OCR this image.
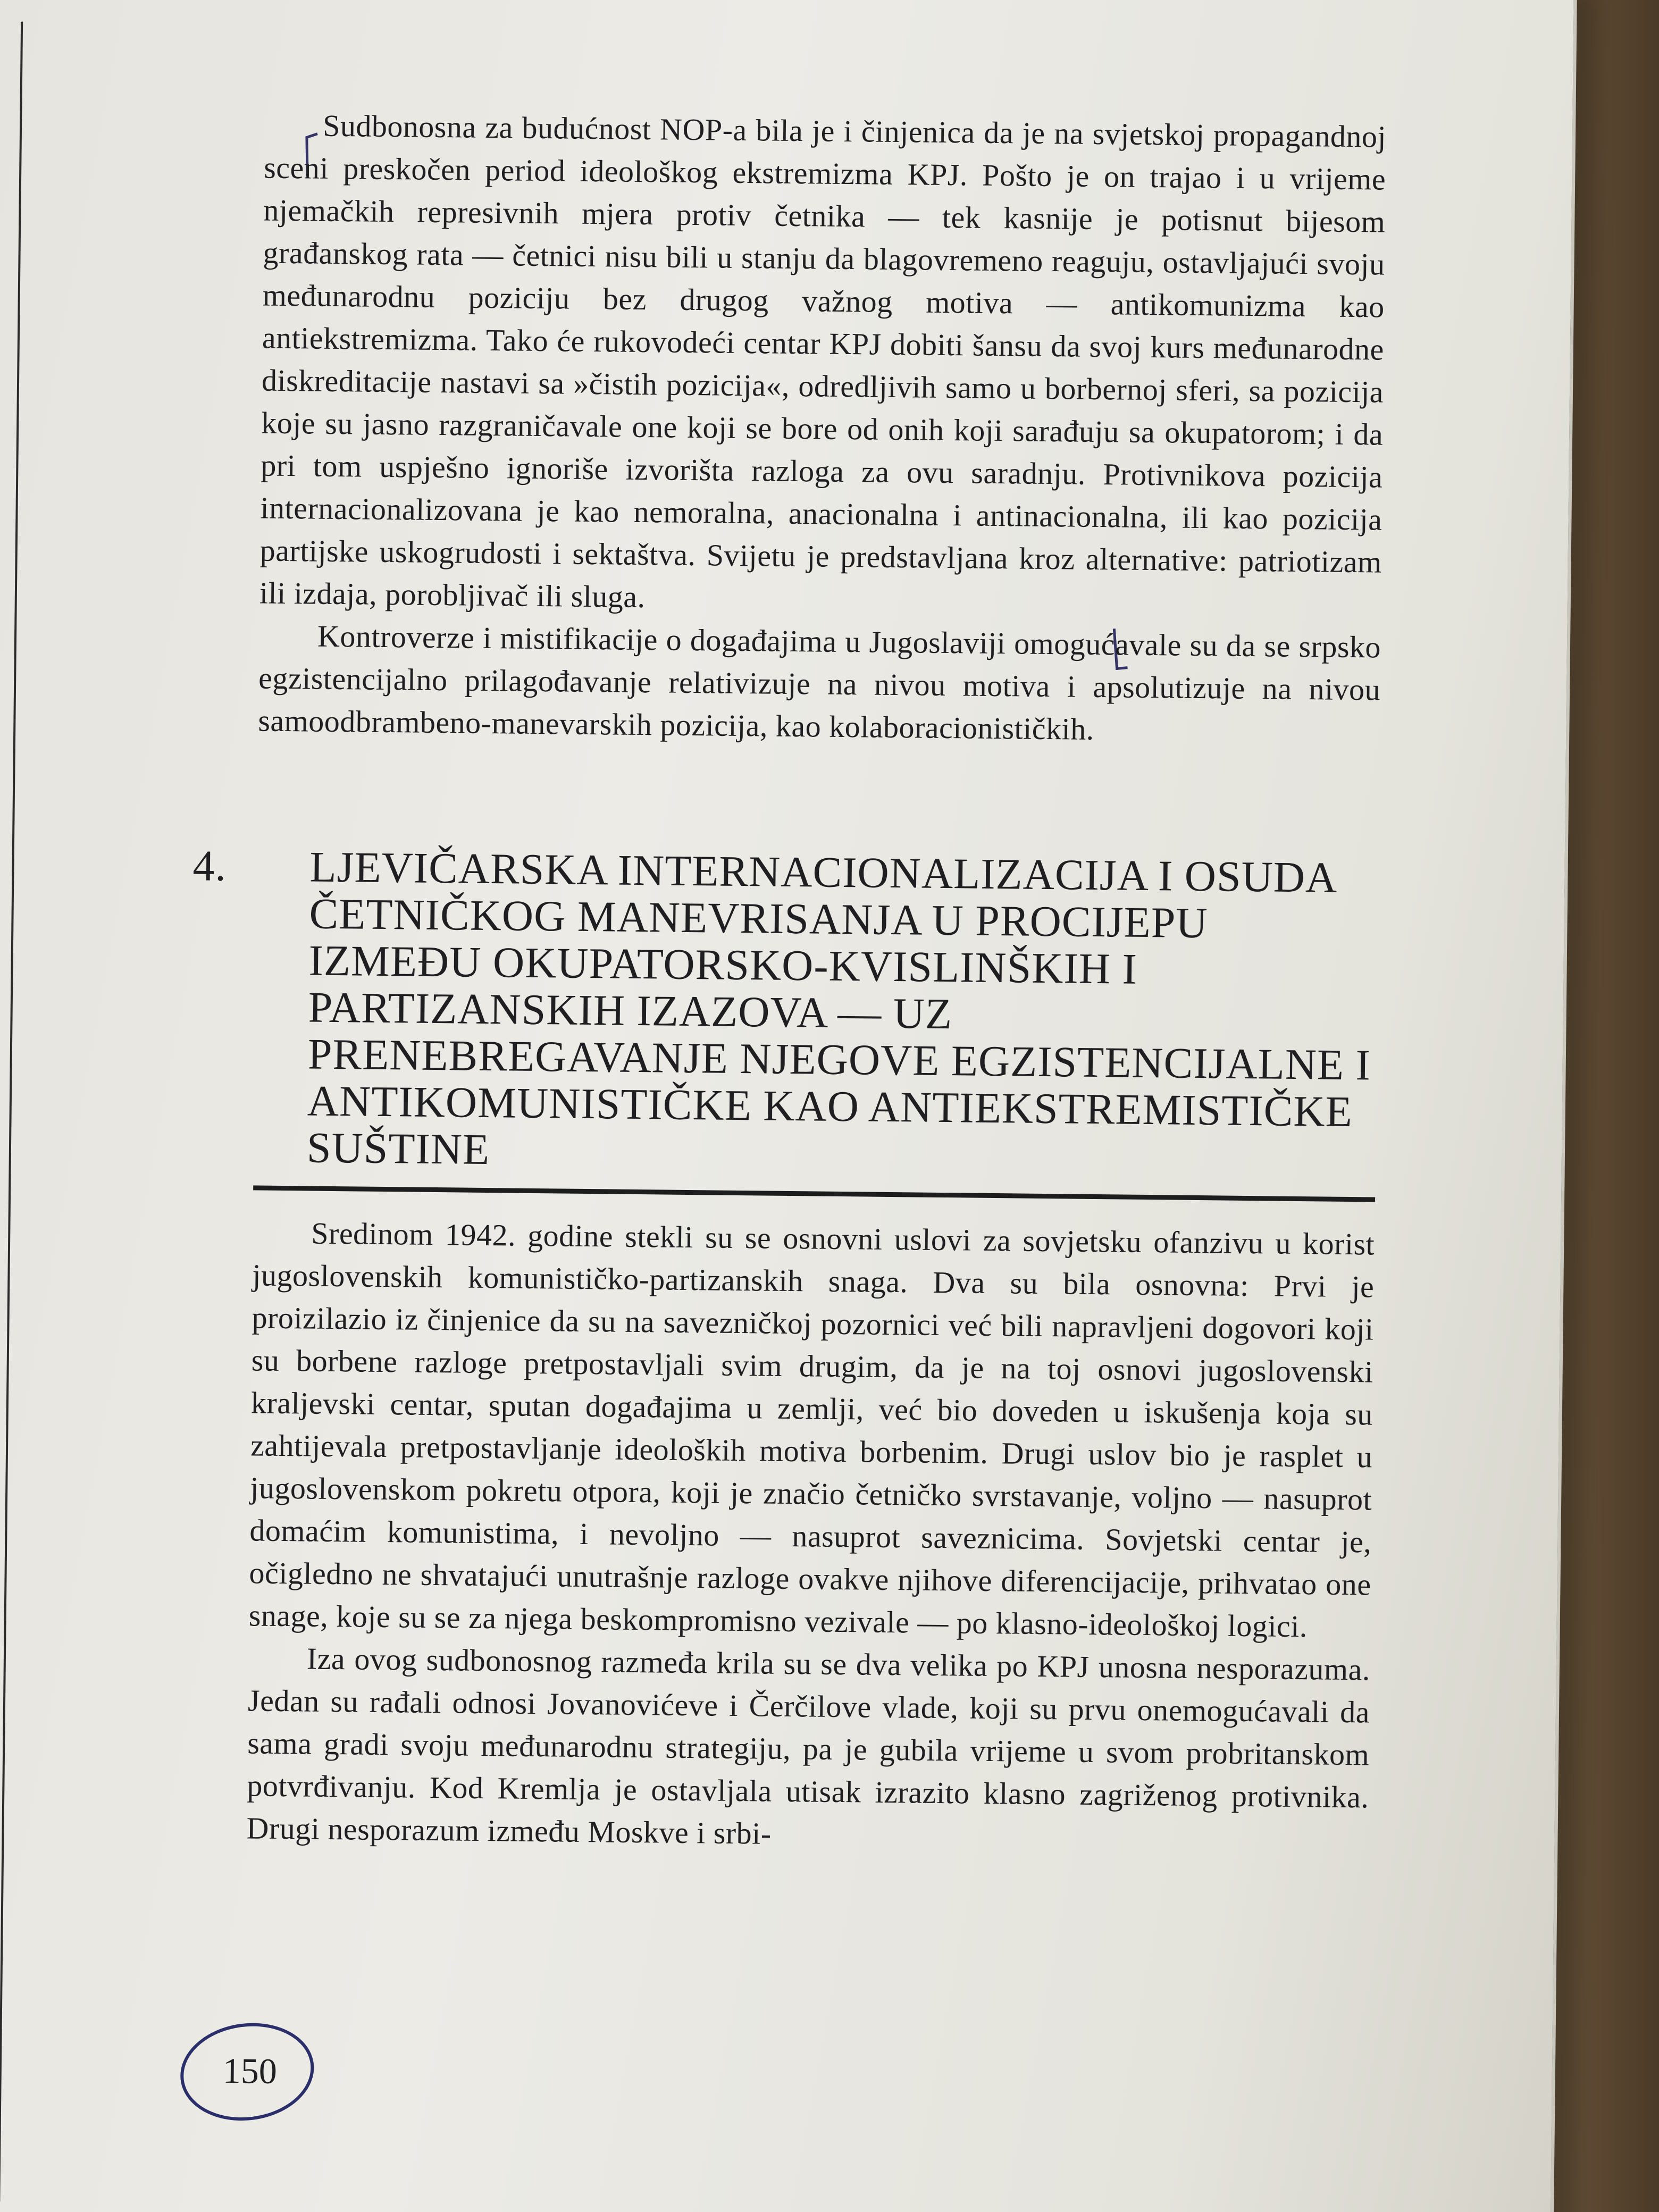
Sudbonosna za budućnost NOP-a bila je i činjenica da je na svjetskoj propagandnoj sceni preskočen period ideološkog ekstremizma KPJ. Pošto je on trajao i u vrijeme njemačkih represivnih mjera protiv četnika — tek kasnije je potisnut bijesom građanskog rata — četnici nisu bili u stanju da blagovremeno reaguju, ostavljajući svoju međunarodnu poziciju bez drugog važnog motiva — antikomunizma kao antiekstremizma. Tako će rukovodeći centar KPJ dobiti šansu da svoj kurs međunarodne diskreditacije nastavi sa »čistih pozicija«, odredljivih samo u borbernoj sferi, sa pozicija koje su jasno razgraničavale one koji se bore od onih koji sarađuju sa okupatorom; i da pri tom uspješno ignoriše izvorišta razloga za ovu saradnju. Protivnikova pozicija internacionalizovana je kao nemoralna, anacionalna i antinacionalna, ili kao pozicija partijske uskogrudosti i sektaštva. Svijetu je predstavljana kroz alternative: patriotizam ili izdaja, porobljivač ili sluga.

Kontroverze i mistifikacije o događajima u Jugoslaviji omogućavale su da se srpsko egzistencijalno prilagođavanje relativizuje na nivou motiva i apsolutizuje na nivou samoodbrambeno-manevarskih pozicija, kao kolaboracionističkih.

4.	LJEVIČARSKA INTERNACIONALIZACIJA I OSUDA ČETNIČKOG MANEVRISANJA U PROCIJEPU IZMEĐU OKUPATORSKO-KVISLINŠKIH I PARTIZANSKIH IZAZOVA — UZ PRENEBREGAVANJE NJEGOVE EGZISTENCIJALNE I ANTIKOMUNISTIČKE KAO ANTIEKSTREMISTIČKE SUŠTINE

Sredinom 1942. godine stekli su se osnovni uslovi za sovjetsku ofanzivu u korist jugoslovenskih komunističko-partizanskih snaga. Dva su bila osnovna: Prvi je proizilazio iz činjenice da su na savezničkoj pozornici već bili napravljeni dogovori koji su borbene razloge pretpostavljali svim drugim, da je na toj osnovi jugoslovenski kraljevski centar, sputan događajima u zemlji, već bio doveden u iskušenja koja su zahtijevala pretpostavljanje ideoloških motiva borbenim. Drugi uslov bio je rasplet u jugoslovenskom pokretu otpora, koji je značio četničko svrstavanje, voljno — nasuprot domaćim komunistima, i nevoljno — nasuprot saveznicima. Sovjetski centar je, očigledno ne shvatajući unutrašnje razloge ovakve njihove diferencijacije, prihvatao one snage, koje su se za njega beskompromisno vezivale — po klasno-ideološkoj logici.

Iza ovog sudbonosnog razmeđa krila su se dva velika po KPJ unosna nesporazuma. Jedan su rađali odnosi Jovanovićeve i Čerčilove vlade, koji su prvu onemogućavali da sama gradi svoju međunarodnu strategiju, pa je gubila vrijeme u svom probritanskom potvrđivanju. Kod Kremlja je ostavljala utisak izrazito klasno zagriženog protivnika. Drugi nesporazum između Moskve i srbi-

150
